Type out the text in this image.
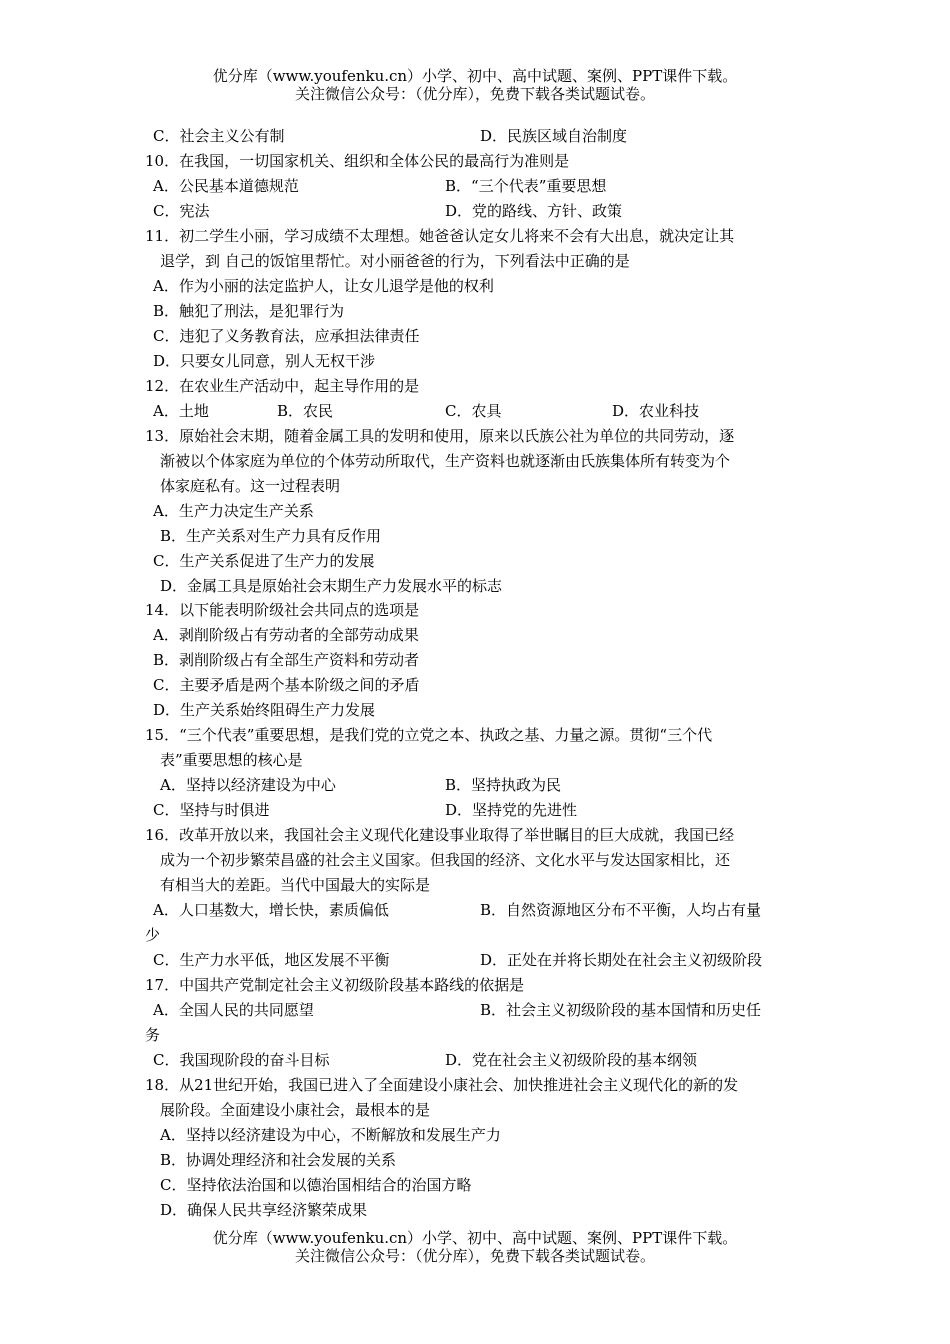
优分库（www.youfenku.cn）小学、初中、高中试题、案例、PPT课件下载。
关注微信公众号：（优分库），免费下载各类试题试卷。
C．社会主义公有制	D．民族区域自治制度
10．在我国，一切国家机关、组织和全体公民的最高行为准则是
A．公民基本道德规范	B．“三个代表”重要思想
C．宪法	D．党的路线、方针、政策
11．初二学生小丽，学习成绩不太理想。她爸爸认定女儿将来不会有大出息，就决定让其
退学，到 自己的饭馆里帮忙。对小丽爸爸的行为，下列看法中正确的是
A．作为小丽的法定监护人，让女儿退学是他的权利
B．触犯了刑法，是犯罪行为
C．违犯了义务教育法，应承担法律责任
D．只要女儿同意，别人无权干涉
12．在农业生产活动中，起主导作用的是
A．土地	B．农民	C．农具	D．农业科技
13．原始社会末期，随着金属工具的发明和使用，原来以氏族公社为单位的共同劳动，逐
渐被以个体家庭为单位的个体劳动所取代，生产资料也就逐渐由氏族集体所有转变为个
体家庭私有。这一过程表明
A．生产力决定生产关系
B．生产关系对生产力具有反作用
C．生产关系促进了生产力的发展
D．金属工具是原始社会末期生产力发展水平的标志
14．以下能表明阶级社会共同点的选项是
A．剥削阶级占有劳动者的全部劳动成果
B．剥削阶级占有全部生产资料和劳动者
C．主要矛盾是两个基本阶级之间的矛盾
D．生产关系始终阻碍生产力发展
15．“三个代表”重要思想，是我们党的立党之本、执政之基、力量之源。贯彻“三个代
表”重要思想的核心是
A．坚持以经济建设为中心	B．坚持执政为民
C．坚持与时俱进	D．坚持党的先进性
16．改革开放以来，我国社会主义现代化建设事业取得了举世瞩目的巨大成就，我国已经
成为一个初步繁荣昌盛的社会主义国家。但我国的经济、文化水平与发达国家相比，还
有相当大的差距。当代中国最大的实际是
A．人口基数大，增长快，素质偏低	B．自然资源地区分布不平衡，人均占有量
少
C．生产力水平低，地区发展不平衡	D．正处在并将长期处在社会主义初级阶段
17．中国共产党制定社会主义初级阶段基本路线的依据是
A．全国人民的共同愿望	B．社会主义初级阶段的基本国情和历史任
务
C．我国现阶段的奋斗目标	D．党在社会主义初级阶段的基本纲领
18．从21世纪开始，我国已进入了全面建设小康社会、加快推进社会主义现代化的新的发
展阶段。全面建设小康社会，最根本的是
A．坚持以经济建设为中心，不断解放和发展生产力
B．协调处理经济和社会发展的关系
C．坚持依法治国和以德治国相结合的治国方略
D．确保人民共享经济繁荣成果
优分库（www.youfenku.cn）小学、初中、高中试题、案例、PPT课件下载。
关注微信公众号：（优分库），免费下载各类试题试卷。
